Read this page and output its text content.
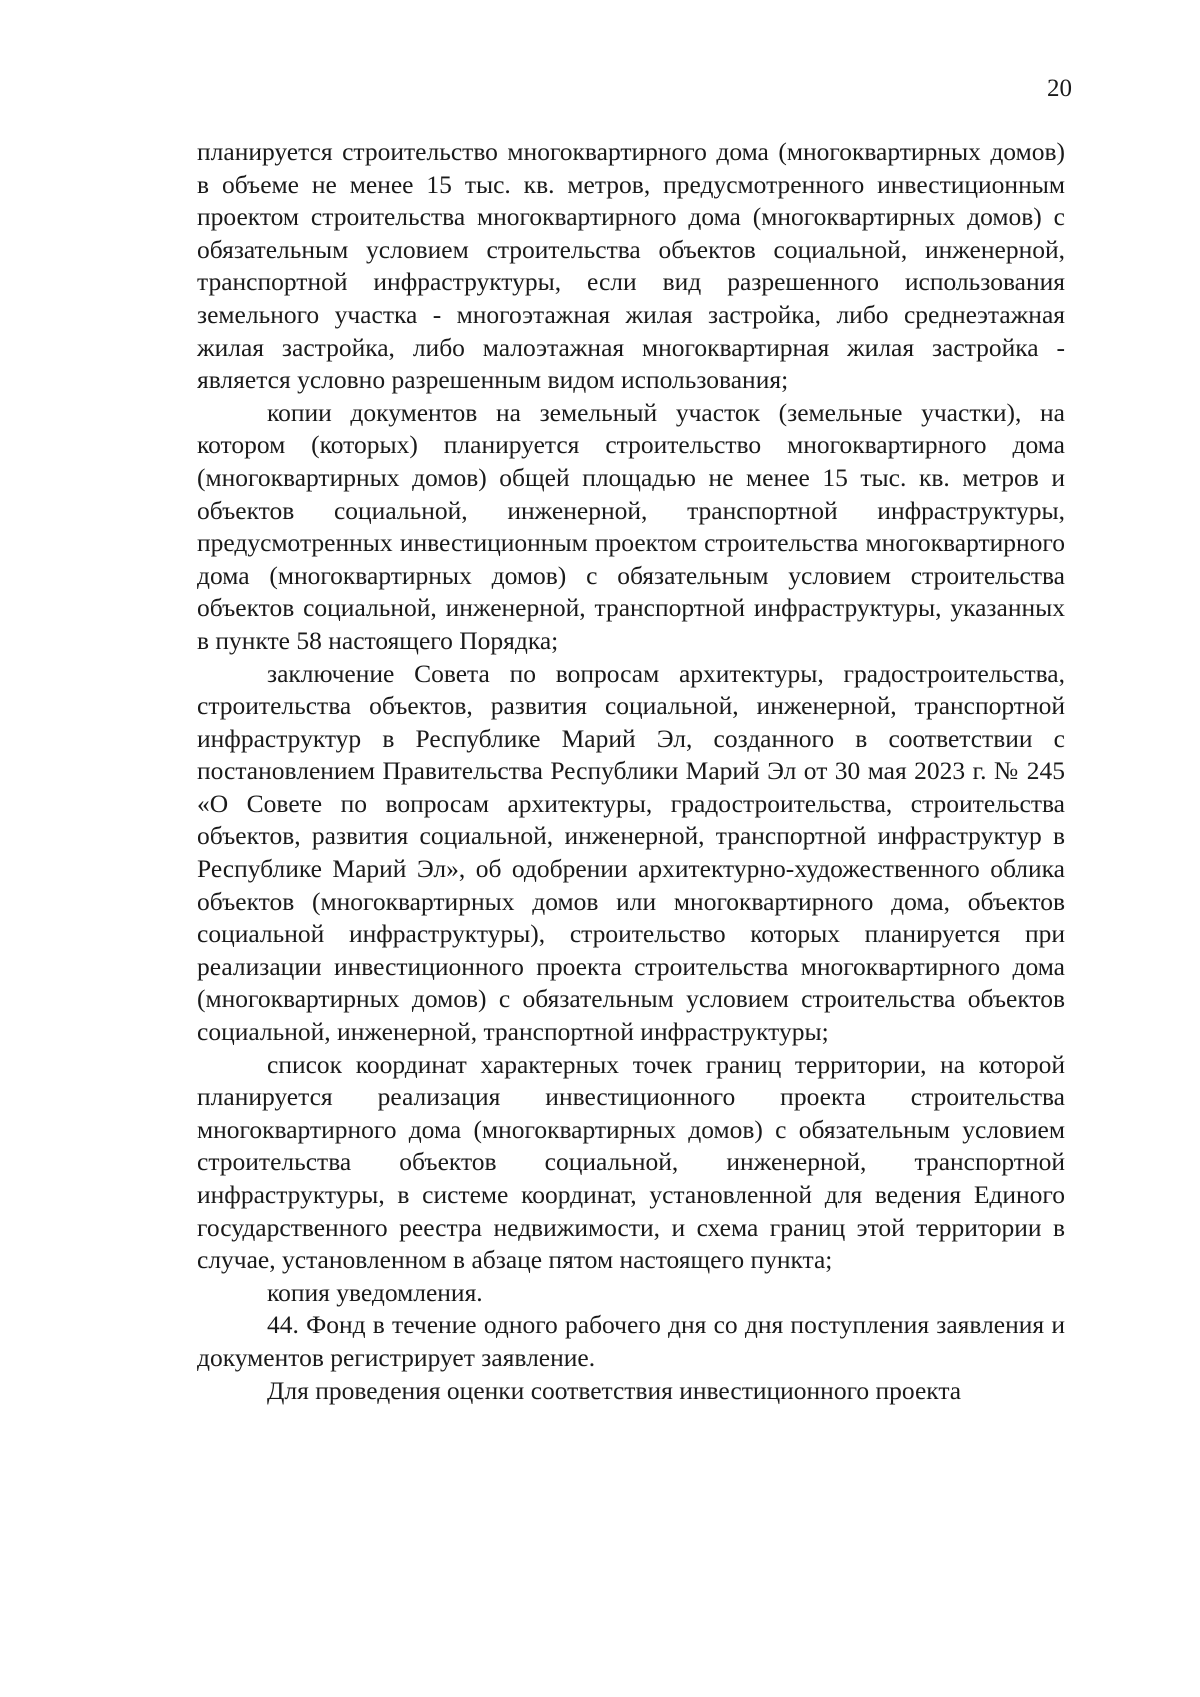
20

планируется строительство многоквартирного дома (многоквартирных домов) в объеме не менее 15 тыс. кв. метров, предусмотренного инвестиционным проектом строительства многоквартирного дома (многоквартирных домов) с обязательным условием строительства объектов социальной, инженерной, транспортной инфраструктуры, если вид разрешенного использования земельного участка - многоэтажная жилая застройка, либо среднеэтажная жилая застройка, либо малоэтажная многоквартирная жилая застройка - является условно разрешенным видом использования;

копии документов на земельный участок (земельные участки), на котором (которых) планируется строительство многоквартирного дома (многоквартирных домов) общей площадью не менее 15 тыс. кв. метров и объектов социальной, инженерной, транспортной инфраструктуры, предусмотренных инвестиционным проектом строительства многоквартирного дома (многоквартирных домов) с обязательным условием строительства объектов социальной, инженерной, транспортной инфраструктуры, указанных в пункте 58 настоящего Порядка;

заключение Совета по вопросам архитектуры, градостроительства, строительства объектов, развития социальной, инженерной, транспортной инфраструктур в Республике Марий Эл, созданного в соответствии с постановлением Правительства Республики Марий Эл от 30 мая 2023 г. № 245 «О Совете по вопросам архитектуры, градостроительства, строительства объектов, развития социальной, инженерной, транспортной инфраструктур в Республике Марий Эл», об одобрении архитектурно-художественного облика объектов (многоквартирных домов или многоквартирного дома, объектов социальной инфраструктуры), строительство которых планируется при реализации инвестиционного проекта строительства многоквартирного дома (многоквартирных домов) с обязательным условием строительства объектов социальной, инженерной, транспортной инфраструктуры;

список координат характерных точек границ территории, на которой планируется реализация инвестиционного проекта строительства многоквартирного дома (многоквартирных домов) с обязательным условием строительства объектов социальной, инженерной, транспортной инфраструктуры, в системе координат, установленной для ведения Единого государственного реестра недвижимости, и схема границ этой территории в случае, установленном в абзаце пятом настоящего пункта;

копия уведомления.

44. Фонд в течение одного рабочего дня со дня поступления заявления и документов регистрирует заявление.

Для проведения оценки соответствия инвестиционного проекта
